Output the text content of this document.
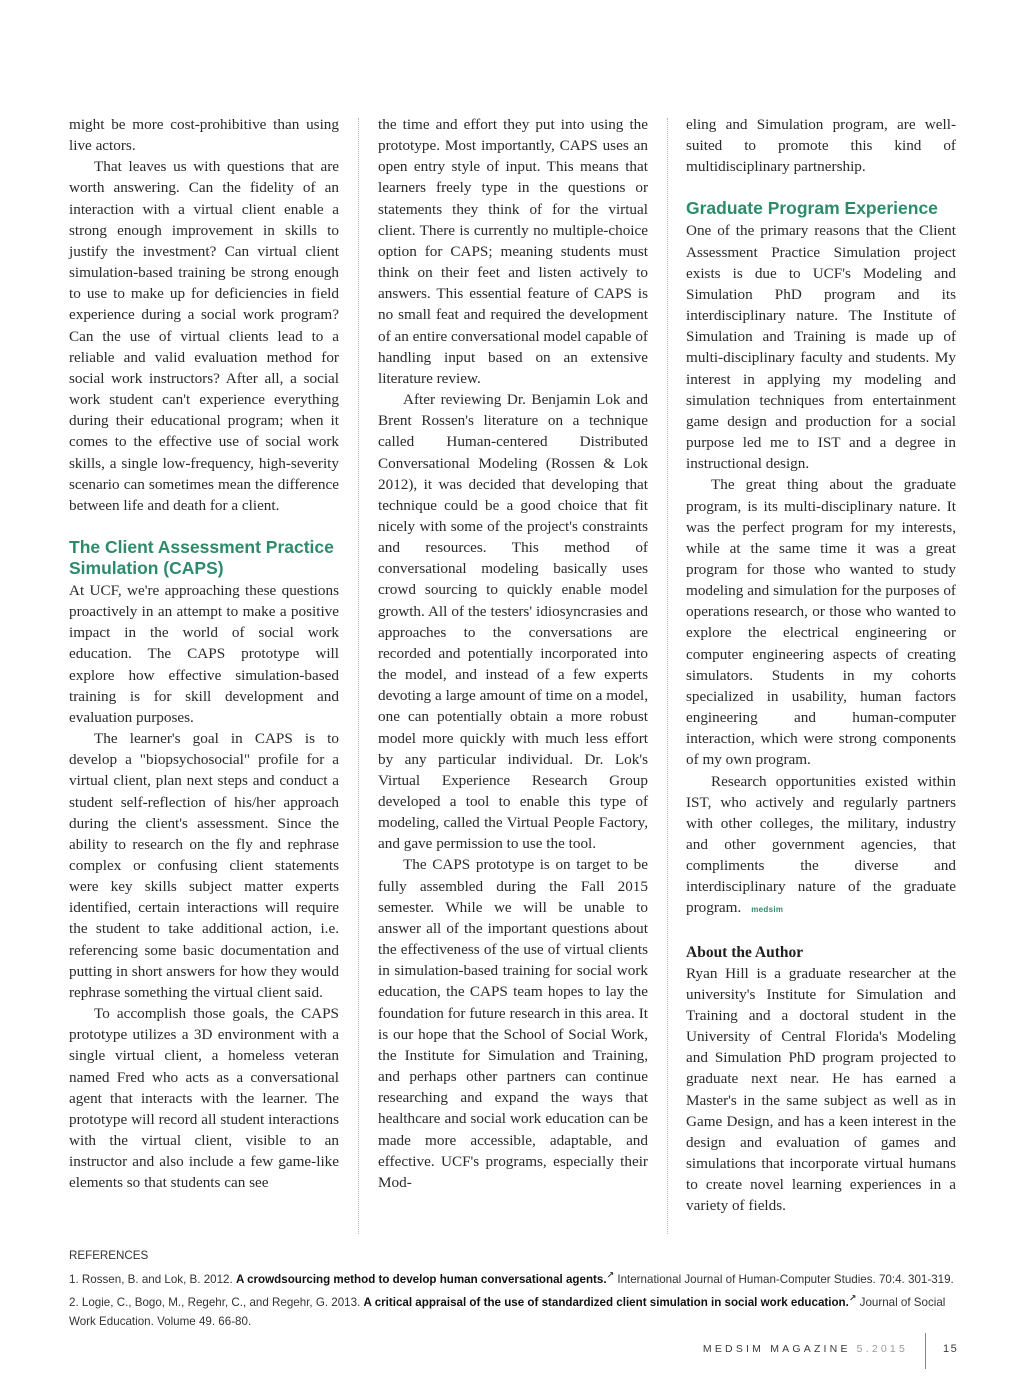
might be more cost-prohibitive than using live actors.

That leaves us with questions that are worth answering. Can the fidelity of an interaction with a virtual client enable a strong enough improvement in skills to justify the investment? Can virtual client simulation-based training be strong enough to use to make up for deficiencies in field experience during a social work program? Can the use of virtual clients lead to a reliable and valid evaluation method for social work instructors? After all, a social work student can't experience everything during their educational program; when it comes to the effective use of social work skills, a single low-frequency, high-severity scenario can sometimes mean the difference between life and death for a client.

The Client Assessment Practice Simulation (CAPS)

At UCF, we're approaching these questions proactively in an attempt to make a positive impact in the world of social work education. The CAPS prototype will explore how effective simulation-based training is for skill development and evaluation purposes.

The learner's goal in CAPS is to develop a "biopsychosocial" profile for a virtual client, plan next steps and conduct a student self-reflection of his/her approach during the client's assessment. Since the ability to research on the fly and rephrase complex or confusing client statements were key skills subject matter experts identified, certain interactions will require the student to take additional action, i.e. referencing some basic documentation and putting in short answers for how they would rephrase something the virtual client said.

To accomplish those goals, the CAPS prototype utilizes a 3D environment with a single virtual client, a homeless veteran named Fred who acts as a conversational agent that interacts with the learner. The prototype will record all student interactions with the virtual client, visible to an instructor and also include a few game-like elements so that students can see

the time and effort they put into using the prototype. Most importantly, CAPS uses an open entry style of input. This means that learners freely type in the questions or statements they think of for the virtual client. There is currently no multiple-choice option for CAPS; meaning students must think on their feet and listen actively to answers. This essential feature of CAPS is no small feat and required the development of an entire conversational model capable of handling input based on an extensive literature review.

After reviewing Dr. Benjamin Lok and Brent Rossen's literature on a technique called Human-centered Distributed Conversational Modeling (Rossen & Lok 2012), it was decided that developing that technique could be a good choice that fit nicely with some of the project's constraints and resources. This method of conversational modeling basically uses crowd sourcing to quickly enable model growth. All of the testers' idiosyncrasies and approaches to the conversations are recorded and potentially incorporated into the model, and instead of a few experts devoting a large amount of time on a model, one can potentially obtain a more robust model more quickly with much less effort by any particular individual. Dr. Lok's Virtual Experience Research Group developed a tool to enable this type of modeling, called the Virtual People Factory, and gave permission to use the tool.

The CAPS prototype is on target to be fully assembled during the Fall 2015 semester. While we will be unable to answer all of the important questions about the effectiveness of the use of virtual clients in simulation-based training for social work education, the CAPS team hopes to lay the foundation for future research in this area. It is our hope that the School of Social Work, the Institute for Simulation and Training, and perhaps other partners can continue researching and expand the ways that healthcare and social work education can be made more accessible, adaptable, and effective. UCF's programs, especially their Mod-

eling and Simulation program, are well-suited to promote this kind of multidisciplinary partnership.

Graduate Program Experience

One of the primary reasons that the Client Assessment Practice Simulation project exists is due to UCF's Modeling and Simulation PhD program and its interdisciplinary nature. The Institute of Simulation and Training is made up of multi-disciplinary faculty and students. My interest in applying my modeling and simulation techniques from entertainment game design and production for a social purpose led me to IST and a degree in instructional design.

The great thing about the graduate program, is its multi-disciplinary nature. It was the perfect program for my interests, while at the same time it was a great program for those who wanted to study modeling and simulation for the purposes of operations research, or those who wanted to explore the electrical engineering or computer engineering aspects of creating simulators. Students in my cohorts specialized in usability, human factors engineering and human-computer interaction, which were strong components of my own program.

Research opportunities existed within IST, who actively and regularly partners with other colleges, the military, industry and other government agencies, that compliments the diverse and interdisciplinary nature of the graduate program. medsim

About the Author

Ryan Hill is a graduate researcher at the university's Institute for Simulation and Training and a doctoral student in the University of Central Florida's Modeling and Simulation PhD program projected to graduate next near. He has earned a Master's in the same subject as well as in Game Design, and has a keen interest in the design and evaluation of games and simulations that incorporate virtual humans to create novel learning experiences in a variety of fields.

REFERENCES
1. Rossen, B. and Lok, B. 2012. A crowdsourcing method to develop human conversational agents.↗ International Journal of Human-Computer Studies. 70:4. 301-319.
2. Logie, C., Bogo, M., Regehr, C., and Regehr, G. 2013. A critical appraisal of the use of standardized client simulation in social work education.↗ Journal of Social Work Education. Volume 49. 66-80.
MEDSIM MAGAZINE 5.2015	15
